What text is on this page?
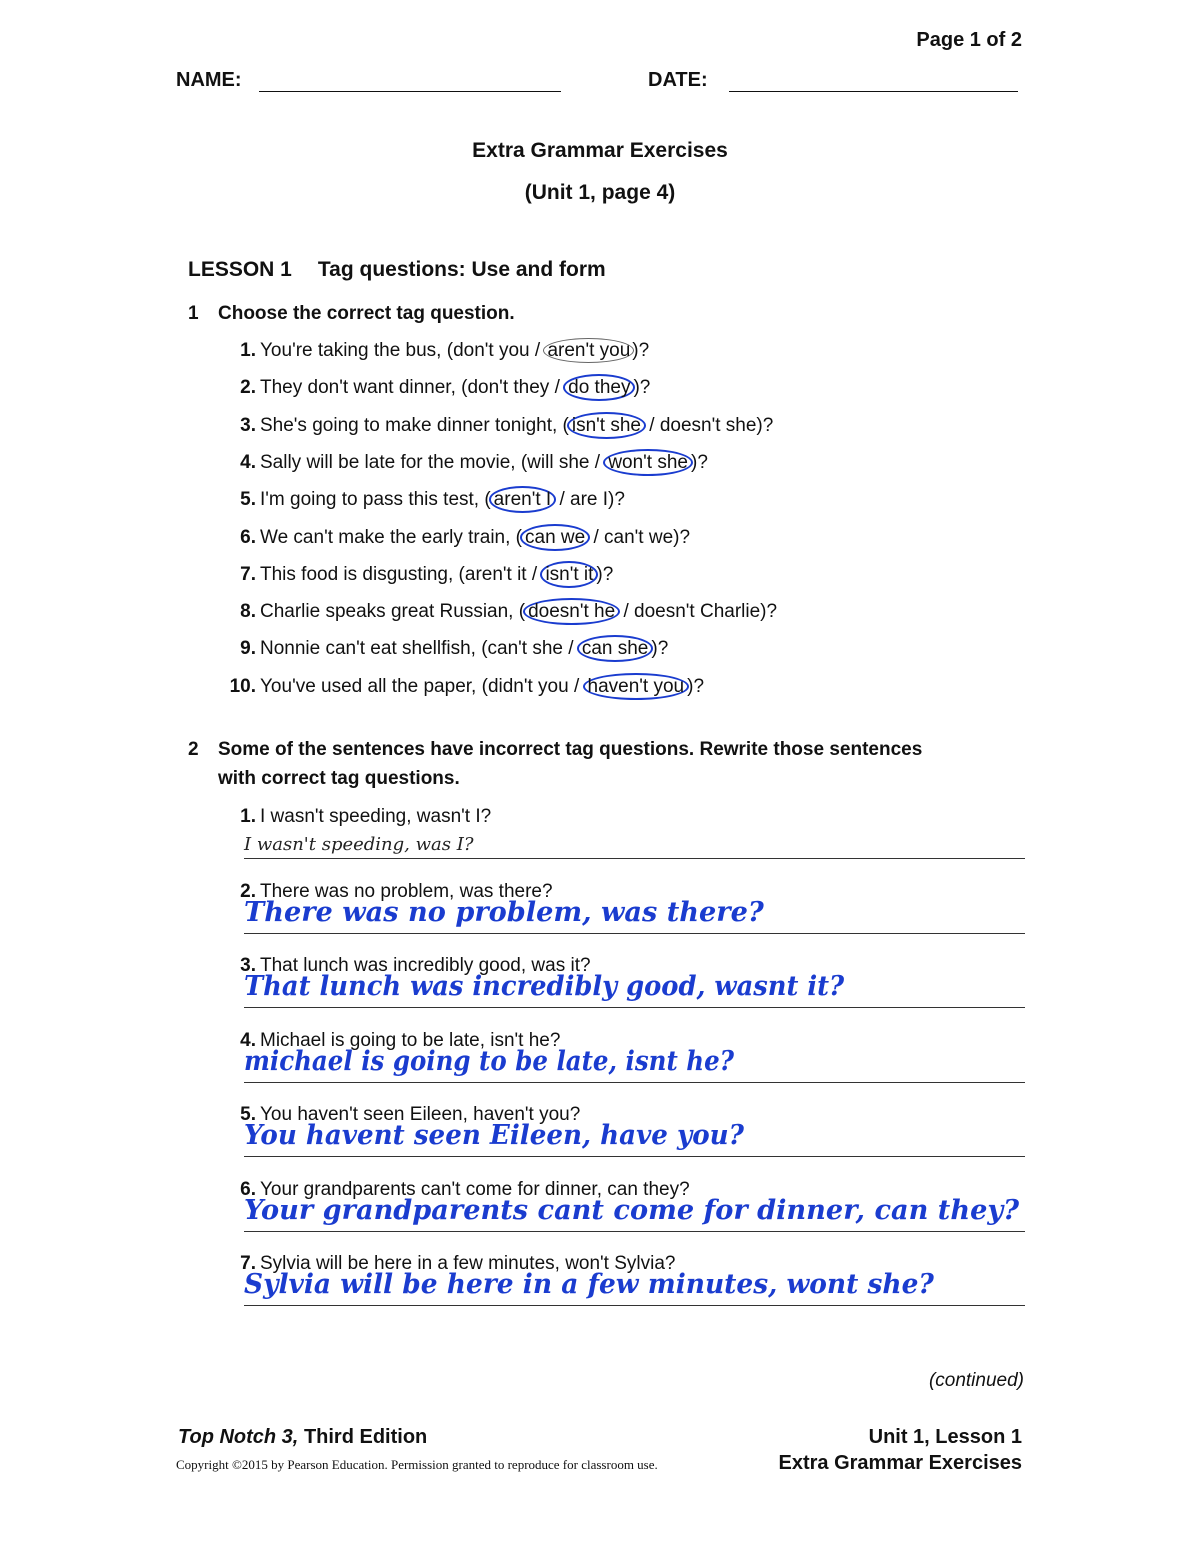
Page 1 of 2
NAME:	DATE:
Extra Grammar Exercises
(Unit 1, page 4)
LESSON 1 Tag questions: Use and form
1 Choose the correct tag question.
1. You're taking the bus, (don't you / aren't you )?
2. They don't want dinner, (don't they / do they )?
3. She's going to make dinner tonight, ( isn't she / doesn't she)?
4. Sally will be late for the movie, (will she / won't she )?
5. I'm going to pass this test, ( aren't I / are I)?
6. We can't make the early train, ( can we / can't we)?
7. This food is disgusting, (aren't it / isn't it )?
8. Charlie speaks great Russian, ( doesn't he / doesn't Charlie)?
9. Nonnie can't eat shellfish, (can't she / can she )?
10. You've used all the paper, (didn't you / haven't you )?
2 Some of the sentences have incorrect tag questions. Rewrite those sentences
with correct tag questions.
1. I wasn't speeding, wasn't I?
I wasn't speeding, was I?
2. There was no problem, was there?
There was no problem, was there?
3. That lunch was incredibly good, was it?
That lunch was incredibly good, wasnt it?
4. Michael is going to be late, isn't he?
michael is going to be late, isnt he?
5. You haven't seen Eileen, haven't you?
You havent seen Eileen, have you?
6. Your grandparents can't come for dinner, can they?
Your grandparents cant come for dinner, can they?
7. Sylvia will be here in a few minutes, won't Sylvia?
Sylvia will be here in a few minutes, wont she?
(continued)
Top Notch 3, Third Edition
Copyright ©2015 by Pearson Education. Permission granted to reproduce for classroom use.
Unit 1, Lesson 1
Extra Grammar Exercises
